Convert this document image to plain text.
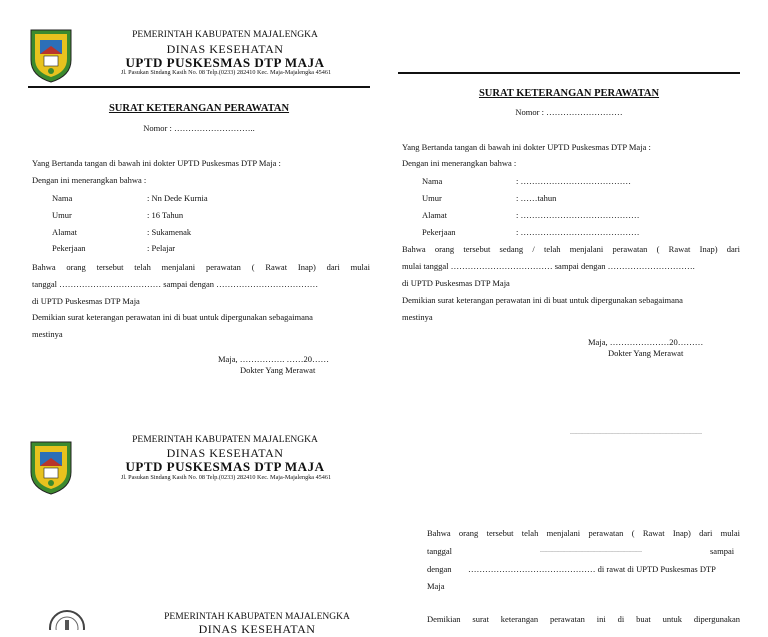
PEMERINTAH KABUPATEN MAJALENGKA
DINAS KESEHATAN
UPTD PUSKESMAS DTP MAJA
Jl. Pasukan Sindang Kasih No. 08 Telp.(0233) 282410 Kec. Maja-Majalengka 45461
SURAT KETERANGAN PERAWATAN
Nomor : ………………………..
Yang Bertanda tangan di bawah ini dokter UPTD Puskesmas DTP Maja :
Dengan ini menerangkan bahwa :
Nama	: Nn Dede Kurnia
Umur	: 16 Tahun
Alamat	: Sukamenak
Pekerjaan	: Pelajar
Bahwa orang tersebut telah menjalani perawatan ( Rawat Inap) dari mulai
tanggal ……………………………… sampai dengan ………………………………
di UPTD Puskesmas DTP Maja
Demikian surat keterangan perawatan ini di buat untuk dipergunakan sebagaimana
mestinya
Maja, ……………. ……20……
Dokter Yang Merawat
SURAT KETERANGAN PERAWATAN
Nomor : ………………………
Yang Bertanda tangan di bawah ini dokter UPTD Puskesmas DTP Maja :
Dengan ini menerangkan bahwa :
Nama	: …………………………………
Umur	: ……tahun
Alamat	: ……………………………………
Pekerjaan	: ……………………………………
Bahwa orang tersebut sedang / telah menjalani perawatan ( Rawat Inap) dari
mulai tanggal ……………………………… sampai dengan ………………………….
di UPTD Puskesmas DTP Maja
Demikian surat keterangan perawatan ini di buat untuk dipergunakan sebagaimana
mestinya
Maja, …………………20………
Dokter Yang Merawat
PEMERINTAH KABUPATEN MAJALENGKA
DINAS KESEHATAN
UPTD PUSKESMAS DTP MAJA
Jl. Pasukan Sindang Kasih No. 08 Telp.(0233) 282410 Kec. Maja-Majalengka 45461
…………………………………………………………
Bahwa orang tersebut telah menjalani perawatan ( Rawat Inap) dari mulai
tanggal	……………………………………………	sampai
dengan ……………………………………… di rawat di UPTD Puskesmas DTP
Maja
Demikian surat keterangan perawatan ini di buat untuk dipergunakan
PEMERINTAH KABUPATEN MAJALENGKA
DINAS KESEHATAN
